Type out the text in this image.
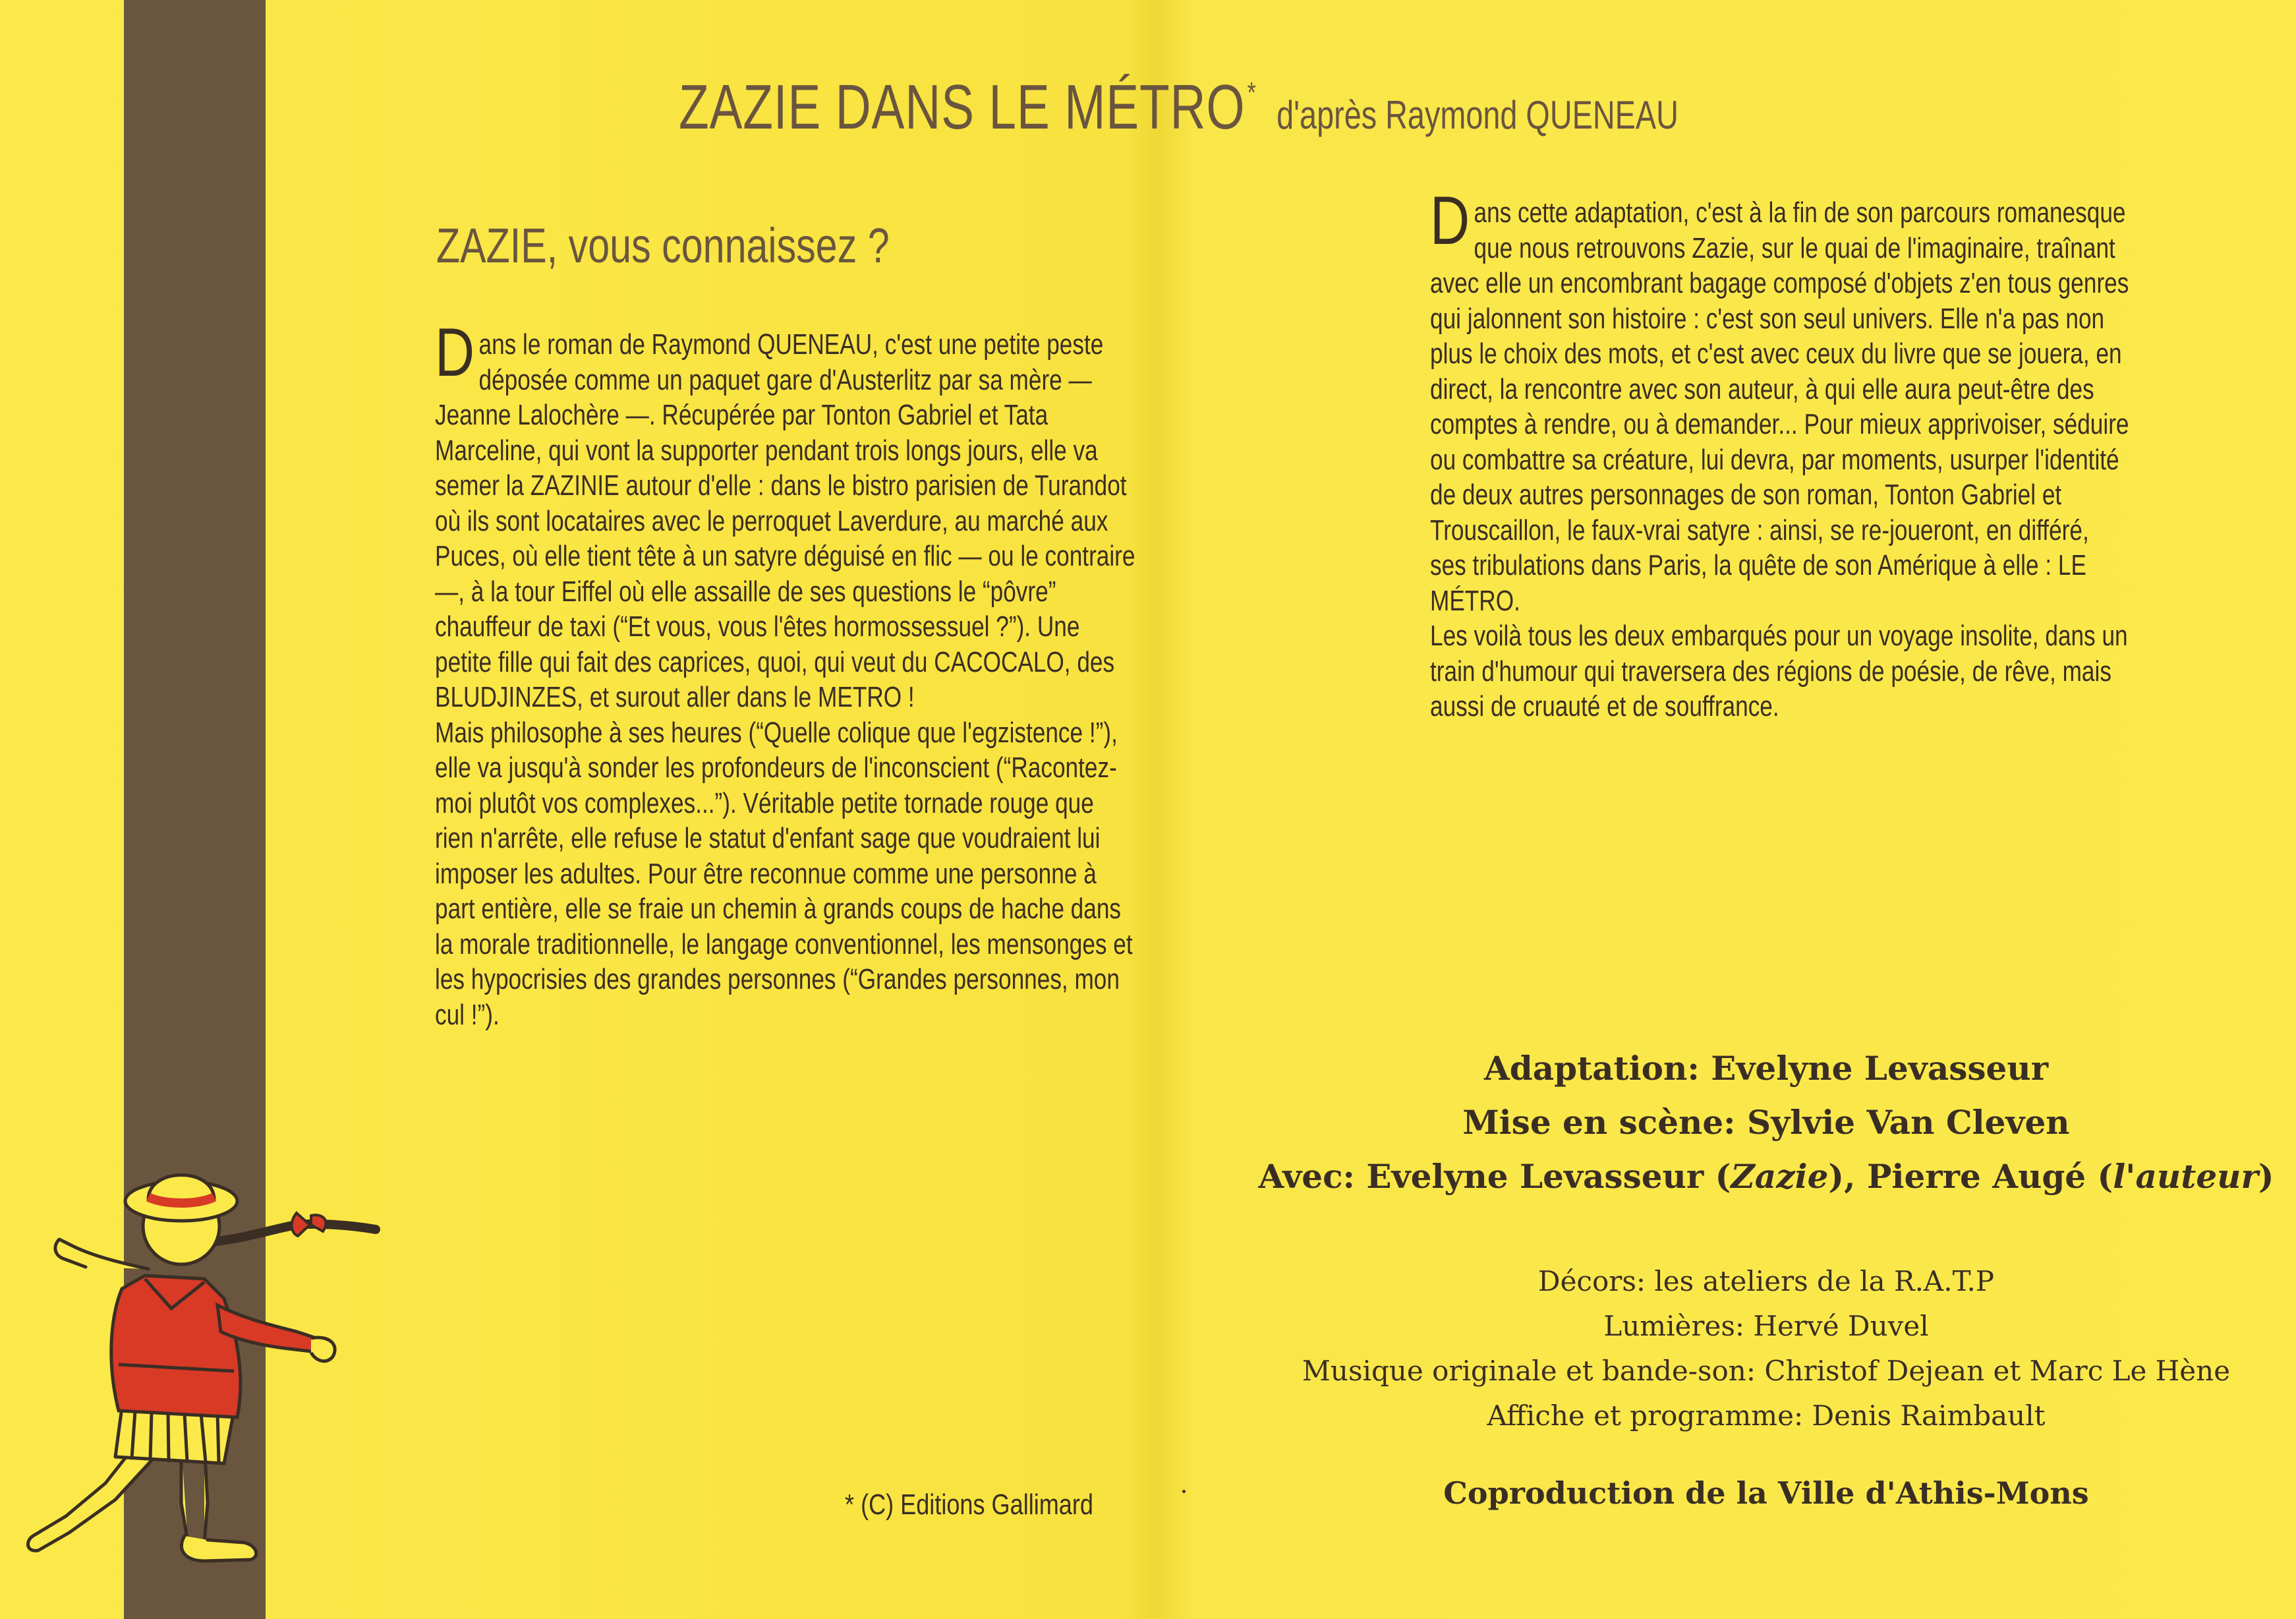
ZAZIE DANS LE MÉTRO*d'après Raymond QUENEAU
ZAZIE, vous connaissez ?

Dans le roman de Raymond QUENEAU, c'est une petite peste déposée comme un paquet gare d'Austerlitz par sa mère — Jeanne Lalochère —. Récupérée par Tonton Gabriel et Tata Marceline, qui vont la supporter pendant trois longs jours, elle va semer la ZAZINIE autour d'elle : dans le bistro parisien de Turandot où ils sont locataires avec le perroquet Laverdure, au marché aux Puces, où elle tient tête à un satyre déguisé en flic — ou le contraire —, à la tour Eiffel où elle assaille de ses questions le “pôvre” chauffeur de taxi (“Et vous, vous l'êtes hormossessuel ?”). Une petite fille qui fait des caprices, quoi, qui veut du CACOCALO, des BLUDJINZES, et surout aller dans le METRO !

Mais philosophe à ses heures (“Quelle colique que l'egzistence !”), elle va jusqu'à sonder les profondeurs de l'inconscient (“Racontez-moi plutôt vos complexes...”). Véritable petite tornade rouge que rien n'arrête, elle refuse le statut d'enfant sage que voudraient lui imposer les adultes. Pour être reconnue comme une personne à part entière, elle se fraie un chemin à grands coups de hache dans la morale traditionnelle, le langage conventionnel, les mensonges et les hypocrisies des grandes personnes (“Grandes personnes, mon cul !”).

* (C) Editions Gallimard

Dans cette adaptation, c'est à la fin de son parcours romanesque que nous retrouvons Zazie, sur le quai de l'imaginaire, traînant avec elle un encombrant bagage composé d'objets z'en tous genres qui jalonnent son histoire : c'est son seul univers. Elle n'a pas non plus le choix des mots, et c'est avec ceux du livre que se jouera, en direct, la rencontre avec son auteur, à qui elle aura peut-être des comptes à rendre, ou à demander... Pour mieux apprivoiser, séduire ou combattre sa créature, lui devra, par moments, usurper l'identité de deux autres personnages de son roman, Tonton Gabriel et Trouscaillon, le faux-vrai satyre : ainsi, se re-joueront, en différé, ses tribulations dans Paris, la quête de son Amérique à elle : LE MÉTRO.

Les voilà tous les deux embarqués pour un voyage insolite, dans un train d'humour qui traversera des régions de poésie, de rêve, mais aussi de cruauté et de souffrance.

Adaptation: Evelyne Levasseur
Mise en scène: Sylvie Van Cleven
Avec: Evelyne Levasseur (Zazie), Pierre Augé (l'auteur)
Décors: les ateliers de la R.A.T.P
Lumières: Hervé Duvel
Musique originale et bande-son: Christof Dejean et Marc Le Hène
Affiche et programme: Denis Raimbault
Coproduction de la Ville d'Athis-Mons
